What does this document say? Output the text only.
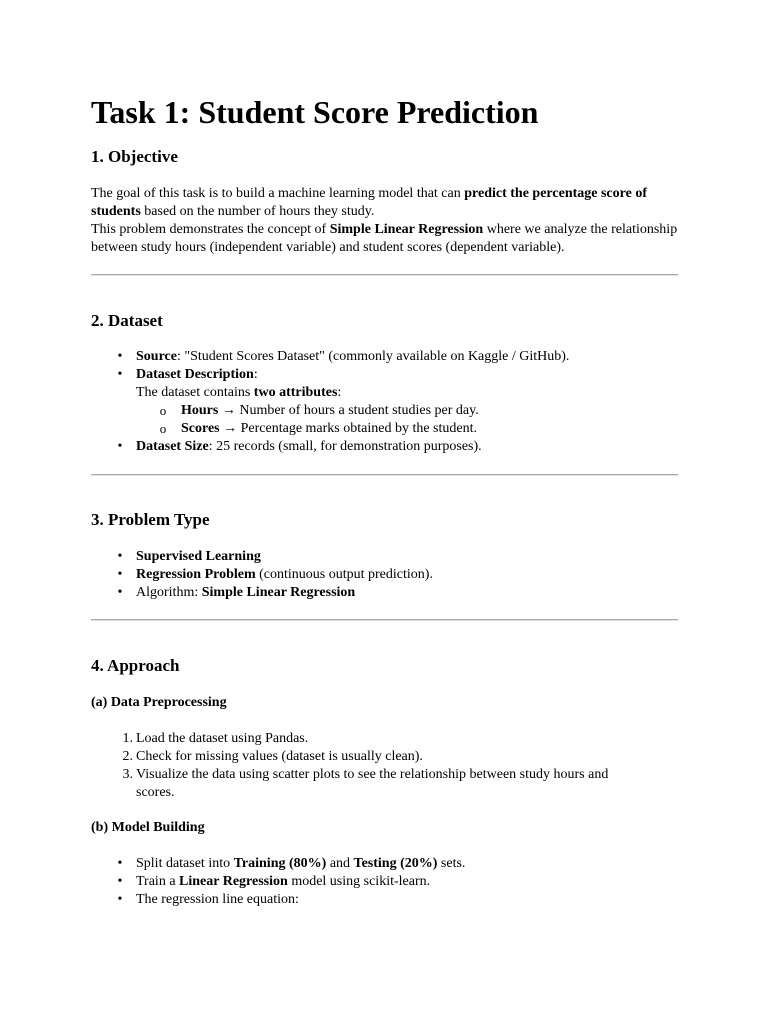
Task 1: Student Score Prediction
1. Objective

The goal of this task is to build a machine learning model that can predict the percentage score of students based on the number of hours they study.

This problem demonstrates the concept of Simple Linear Regression where we analyze the relationship between study hours (independent variable) and student scores (dependent variable).

2. Dataset
• Source: "Student Scores Dataset" (commonly available on Kaggle / GitHub).
• Dataset Description:
The dataset contains two attributes:
o Hours → Number of hours a student studies per day.
o Scores → Percentage marks obtained by the student.
• Dataset Size: 25 records (small, for demonstration purposes).
3. Problem Type
• Supervised Learning
• Regression Problem (continuous output prediction).
• Algorithm: Simple Linear Regression
4. Approach
(a) Data Preprocessing
1. Load the dataset using Pandas.
2. Check for missing values (dataset is usually clean).
3. Visualize the data using scatter plots to see the relationship between study hours and scores.
(b) Model Building
• Split dataset into Training (80%) and Testing (20%) sets.
• Train a Linear Regression model using scikit-learn.
• The regression line equation:
